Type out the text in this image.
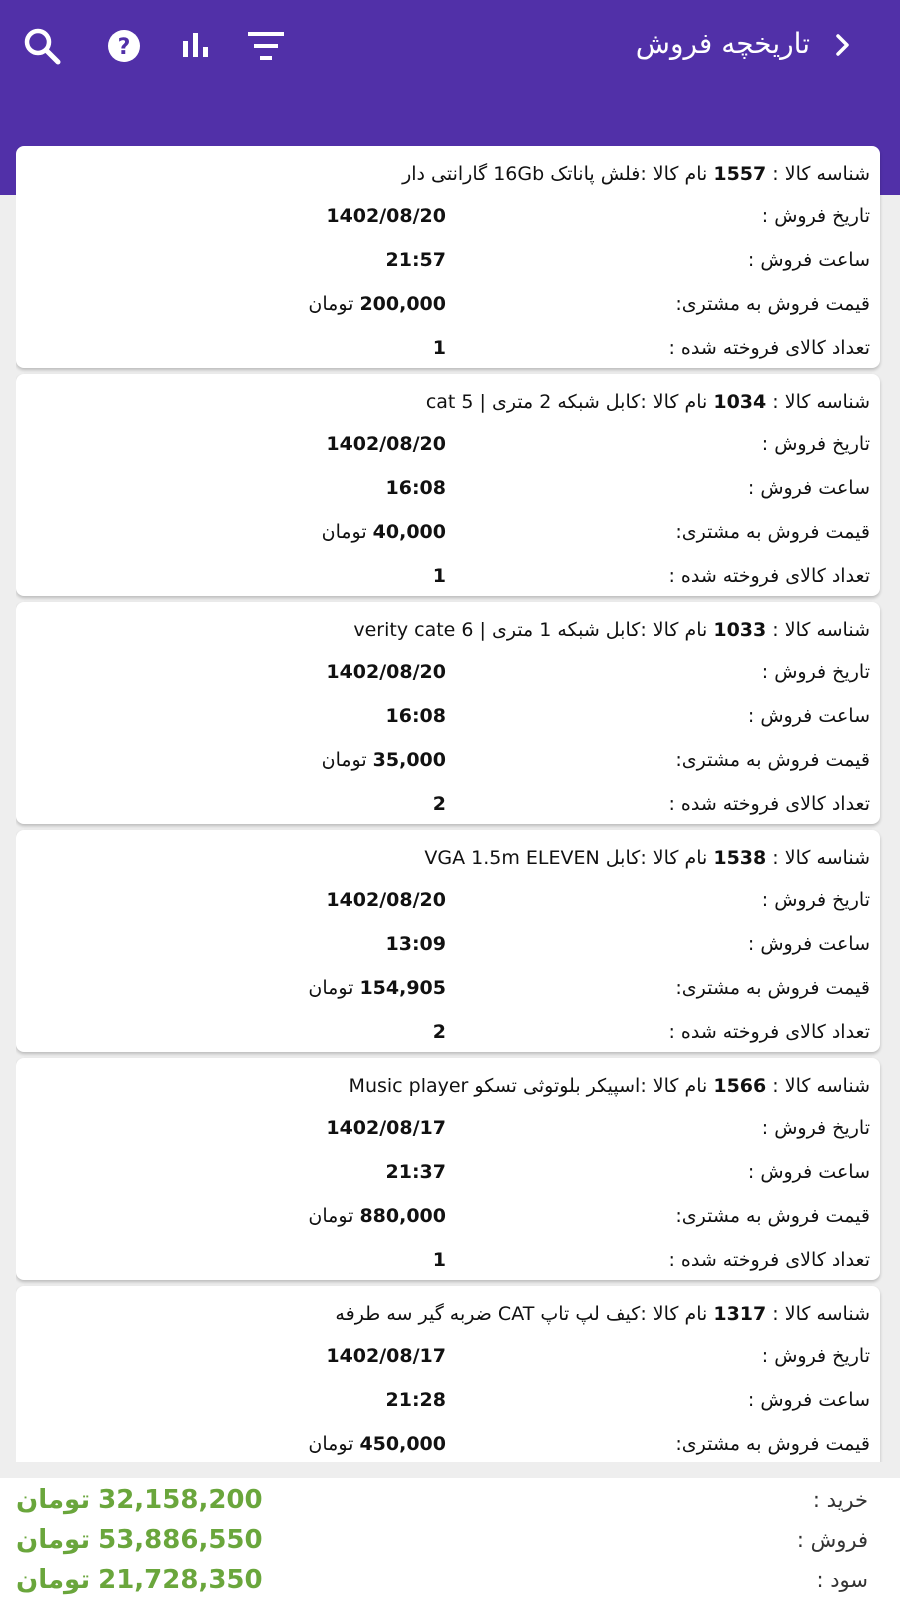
?	تاریخچه فروش
شناسه کالا : 1557 نام کالا :فلش پاناتک 16Gb گارانتی دار
تاریخ فروش :
1402/08/20
ساعت فروش :
21:57
قیمت فروش به مشتری:
200,000تومان
تعداد کالای فروخته شده :
1
شناسه کالا : 1034 نام کالا :کابل شبکه 2 متری | cat 5
تاریخ فروش :
1402/08/20
ساعت فروش :
16:08
قیمت فروش به مشتری:
40,000تومان
تعداد کالای فروخته شده :
1
شناسه کالا : 1033 نام کالا :کابل شبکه 1 متری | verity cate 6
تاریخ فروش :
1402/08/20
ساعت فروش :
16:08
قیمت فروش به مشتری:
35,000تومان
تعداد کالای فروخته شده :
2
شناسه کالا : 1538 نام کالا :کابل VGA 1.5m ELEVEN
تاریخ فروش :
1402/08/20
ساعت فروش :
13:09
قیمت فروش به مشتری:
154,905تومان
تعداد کالای فروخته شده :
2
شناسه کالا : 1566 نام کالا :اسپیکر بلوتوثی تسکو Music player
تاریخ فروش :
1402/08/17
ساعت فروش :
21:37
قیمت فروش به مشتری:
880,000تومان
تعداد کالای فروخته شده :
1
شناسه کالا : 1317 نام کالا :کیف لپ تاپ CAT ضربه گیر سه طرفه
تاریخ فروش :
1402/08/17
ساعت فروش :
21:28
قیمت فروش به مشتری:
450,000تومان
خرید :
32,158,200تومان
فروش :
53,886,550تومان
سود :
21,728,350تومان
